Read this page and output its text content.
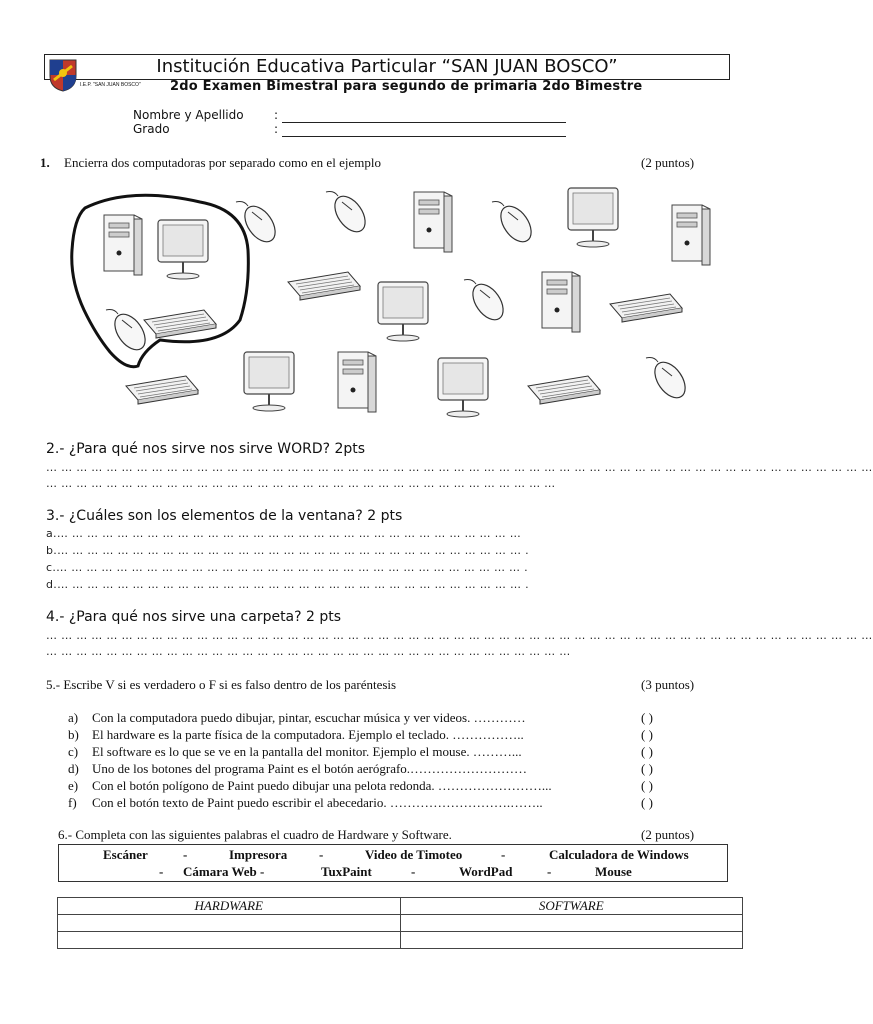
Institución Educativa Particular “SAN JUAN BOSCO”
I.E.P. "SAN JUAN BOSCO" 2do Examen Bimestral para segundo de primaria 2do Bimestre
Nombre y Apellido	:
Grado	:
1. Encierra dos computadoras por separado como en el ejemplo	(2 puntos)
2.- ¿Para qué nos sirve nos sirve WORD? 2pts
… … … … … … … … … … … … … … … … … … … … … … … … … … … … … … … … … … … … … … … … … … … … … … … … … … … … … … …
… … … … … … … … … … … … … … … … … … … … … … … … … … … … … … … … … …
3.- ¿Cuáles son los elementos de la ventana? 2 pts
a.… … … … … … … … … … … … … … … … … … … … … … … … … … … … … … …
b.… … … … … … … … … … … … … … … … … … … … … … … … … … … … … … … .
c.… … … … … … … … … … … … … … … … … … … … … … … … … … … … … … … .
d.… … … … … … … … … … … … … … … … … … … … … … … … … … … … … … … .
4.- ¿Para qué nos sirve una carpeta? 2 pts
… … … … … … … … … … … … … … … … … … … … … … … … … … … … … … … … … … … … … … … … … … … … … … … … … … … … … … …
… … … … … … … … … … … … … … … … … … … … … … … … … … … … … … … … … … …
5.- Escribe V si es verdadero o F si es falso dentro de los paréntesis	(3 puntos)
a) Con la computadora puedo dibujar, pintar, escuchar música y ver videos. …………	( )
b) El hardware es la parte física de la computadora. Ejemplo el teclado. ……………..	( )
c) El software es lo que se ve en la pantalla del monitor. Ejemplo el mouse. ………...	( )
d) Uno de los botones del programa Paint es el botón aerógrafo.………………………	( )
e) Con el botón polígono de Paint puedo dibujar una pelota redonda. ……………………...	( )
f) Con el botón texto de Paint puedo escribir el abecedario. ……………………….……..	( )
6.- Completa con las siguientes palabras el cuadro de Hardware y Software.	(2 puntos)
Escáner	-	Impresora -	Video de Timoteo	-	Calculadora de Windows
- Cámara Web -	TuxPaint	-	WordPad	-	Mouse
HARDWARE	SOFTWARE
